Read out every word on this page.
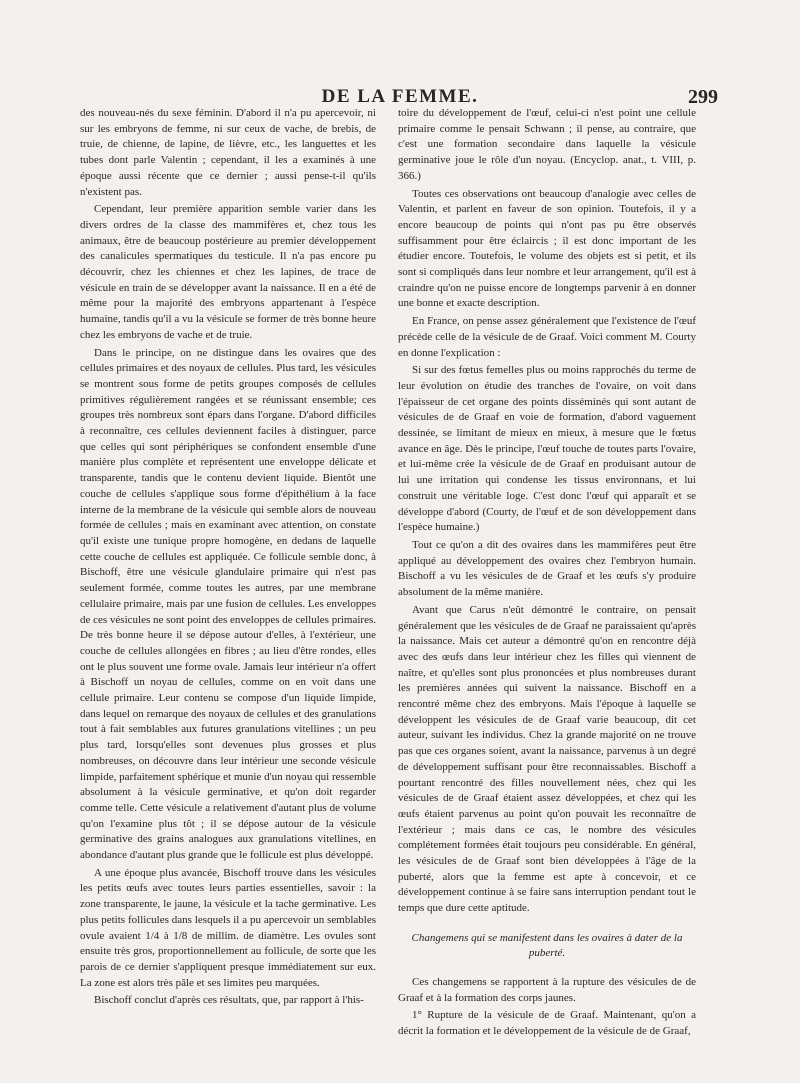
DE LA FEMME.	299

des nouveau-nés du sexe féminin. D'abord il n'a pu apercevoir, ni sur les embryons de femme, ni sur ceux de vache, de brebis, de truie, de chienne, de lapine, de lièvre, etc., les languettes et les tubes dont parle Valentin ; cependant, il les a examinés à une époque aussi récente que ce dernier ; aussi pense-t-il qu'ils n'existent pas.

Cependant, leur première apparition semble varier dans les divers ordres de la classe des mammifères et, chez tous les animaux, être de beaucoup postérieure au premier développement des canalicules spermatiques du testicule. Il n'a pas encore pu découvrir, chez les chiennes et chez les lapines, de trace de vésicule en train de se développer avant la naissance. Il en a été de même pour la majorité des embryons appartenant à l'espèce humaine, tandis qu'il a vu la vésicule se former de très bonne heure chez les embryons de vache et de truie.

Dans le principe, on ne distingue dans les ovaires que des cellules primaires et des noyaux de cellules. Plus tard, les vésicules se montrent sous forme de petits groupes composés de cellules primitives régulièrement rangées et se réunissant ensemble; ces groupes très nombreux sont épars dans l'organe. D'abord difficiles à reconnaître, ces cellules deviennent faciles à distinguer, parce que celles qui sont périphériques se confondent ensemble d'une manière plus complète et représentent une enveloppe délicate et transparente, tandis que le contenu devient liquide. Bientôt une couche de cellules s'applique sous forme d'épithélium à la face interne de la membrane de la vésicule qui semble alors de nouveau formée de cellules ; mais en examinant avec attention, on constate qu'il existe une tunique propre homogène, en dedans de laquelle cette couche de cellules est appliquée. Ce follicule semble donc, à Bischoff, être une vésicule glandulaire primaire qui n'est pas seulement formée, comme toutes les autres, par une membrane cellulaire primaire, mais par une fusion de cellules. Les enveloppes de ces vésicules ne sont point des enveloppes de cellules primaires. De très bonne heure il se dépose autour d'elles, à l'extérieur, une couche de cellules allongées en fibres ; au lieu d'être rondes, elles ont le plus souvent une forme ovale. Jamais leur intérieur n'a offert à Bischoff un noyau de cellules, comme on en voit dans une cellule primaire. Leur contenu se compose d'un liquide limpide, dans lequel on remarque des noyaux de cellules et des granulations tout à fait semblables aux futures granulations vitellines ; un peu plus tard, lorsqu'elles sont devenues plus grosses et plus nombreuses, on découvre dans leur intérieur une seconde vésicule limpide, parfaitement sphérique et munie d'un noyau qui ressemble absolument à la vésicule germinative, et qu'on doit regarder comme telle. Cette vésicule a relativement d'autant plus de volume qu'on l'examine plus tôt ; il se dépose autour de la vésicule germinative des grains analogues aux granulations vitellines, en abondance d'autant plus grande que le follicule est plus développé.

A une époque plus avancée, Bischoff trouve dans les vésicules les petits œufs avec toutes leurs parties essentielles, savoir : la zone transparente, le jaune, la vésicule et la tache germinative. Les plus petits follicules dans lesquels il a pu apercevoir un semblables ovule avaient 1/4 à 1/8 de millim. de diamètre. Les ovules sont ensuite très gros, proportionnellement au follicule, de sorte que les parois de ce dernier s'appliquent presque immédiatement sur eux. La zone est alors très pâle et ses limites peu marquées.

Bischoff conclut d'après ces résultats, que, par rapport à l'his-

toire du développement de l'œuf, celui-ci n'est point une cellule primaire comme le pensait Schwann ; il pense, au contraire, que c'est une formation secondaire dans laquelle la vésicule germinative joue le rôle d'un noyau. (Encyclop. anat., t. VIII, p. 366.)

Toutes ces observations ont beaucoup d'analogie avec celles de Valentin, et parlent en faveur de son opinion. Toutefois, il y a encore beaucoup de points qui n'ont pas pu être observés suffisamment pour être éclaircis ; il est donc important de les étudier encore. Toutefois, le volume des objets est si petit, et ils sont si compliqués dans leur nombre et leur arrangement, qu'il est à craindre qu'on ne puisse encore de longtemps parvenir à en donner une bonne et exacte description.

En France, on pense assez généralement que l'existence de l'œuf précède celle de la vésicule de de Graaf. Voici comment M. Courty en donne l'explication :

Si sur des fœtus femelles plus ou moins rapprochés du terme de leur évolution on étudie des tranches de l'ovaire, on voit dans l'épaisseur de cet organe des points disséminés qui sont autant de vésicules de de Graaf en voie de formation, d'abord vaguement dessinée, se limitant de mieux en mieux, à mesure que le fœtus avance en âge. Dès le principe, l'œuf touche de toutes parts l'ovaire, et lui-même crée la vésicule de de Graaf en produisant autour de lui une irritation qui condense les tissus environnans, et lui construit une véritable loge. C'est donc l'œuf qui apparaît et se développe d'abord (Courty, de l'œuf et de son développement dans l'espèce humaine.)

Tout ce qu'on a dit des ovaires dans les mammifères peut être appliqué au développement des ovaires chez l'embryon humain. Bischoff a vu les vésicules de de Graaf et les œufs s'y produire absolument de la même manière.

Avant que Carus n'eût démontré le contraire, on pensait généralement que les vésicules de de Graaf ne paraissaient qu'après la naissance. Mais cet auteur a démontré qu'on en rencontre déjà avec des œufs dans leur intérieur chez les filles qui viennent de naître, et qu'elles sont plus prononcées et plus nombreuses durant les premières années qui suivent la naissance. Bischoff en a rencontré même chez des embryons. Mais l'époque à laquelle se développent les vésicules de de Graaf varie beaucoup, dit cet auteur, suivant les individus. Chez la grande majorité on ne trouve pas que ces organes soient, avant la naissance, parvenus à un degré de développement suffisant pour être reconnaissables. Bischoff a pourtant rencontré des filles nouvellement nées, chez qui les vésicules de de Graaf étaient assez développées, et chez qui les œufs étaient parvenus au point qu'on pouvait les reconnaître de l'extérieur ; mais dans ce cas, le nombre des vésicules complétement formées était toujours peu considérable. En général, les vésicules de de Graaf sont bien développées à l'âge de la puberté, alors que la femme est apte à concevoir, et ce développement continue à se faire sans interruption pendant tout le temps que dure cette aptitude.

Changemens qui se manifestent dans les ovaires à dater de la puberté.

Ces changemens se rapportent à la rupture des vésicules de de Graaf et à la formation des corps jaunes.

1° Rupture de la vésicule de de Graaf. Maintenant, qu'on a décrit la formation et le développement de la vésicule de de Graaf,
